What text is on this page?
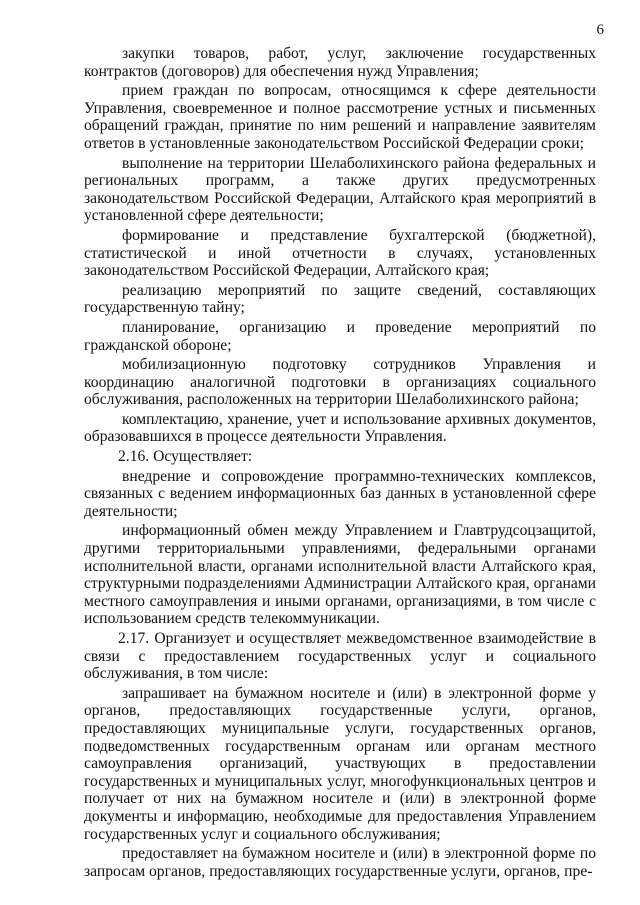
6

закупки товаров, работ, услуг, заключение государственных контрактов (договоров) для обеспечения нужд Управления;

прием граждан по вопросам, относящимся к сфере деятельности Управления, своевременное и полное рассмотрение устных и письменных обращений граждан, принятие по ним решений и направление заявителям ответов в установленные законодательством Российской Федерации сроки;

выполнение на территории Шелаболихинского района федеральных и региональных программ, а также других предусмотренных законодательством Российской Федерации, Алтайского края мероприятий в установленной сфере деятельности;

формирование и представление бухгалтерской (бюджетной), статистической и иной отчетности в случаях, установленных законодательством Российской Федерации, Алтайского края;

реализацию мероприятий по защите сведений, составляющих государственную тайну;

планирование, организацию и проведение мероприятий по гражданской обороне;

мобилизационную подготовку сотрудников Управления и координацию аналогичной подготовки в организациях социального обслуживания, расположенных на территории Шелаболихинского района;

комплектацию, хранение, учет и использование архивных документов, образовавшихся в процессе деятельности Управления.

2.16. Осуществляет:

внедрение и сопровождение программно-технических комплексов, связанных с ведением информационных баз данных в установленной сфере деятельности;

информационный обмен между Управлением и Главтрудсоцзащитой, другими территориальными управлениями, федеральными органами исполнительной власти, органами исполнительной власти Алтайского края, структурными подразделениями Администрации Алтайского края, органами местного самоуправления и иными органами, организациями, в том числе с использованием средств телекоммуникации.

2.17. Организует и осуществляет межведомственное взаимодействие в связи с предоставлением государственных услуг и социального обслуживания, в том числе:

запрашивает на бумажном носителе и (или) в электронной форме у органов, предоставляющих государственные услуги, органов, предоставляющих муниципальные услуги, государственных органов, подведомственных государственным органам или органам местного самоуправления организаций, участвующих в предоставлении государственных и муниципальных услуг, многофункциональных центров и получает от них на бумажном носителе и (или) в электронной форме документы и информацию, необходимые для предоставления Управлением государственных услуг и социального обслуживания;

предоставляет на бумажном носителе и (или) в электронной форме по запросам органов, предоставляющих государственные услуги, органов, пре-
